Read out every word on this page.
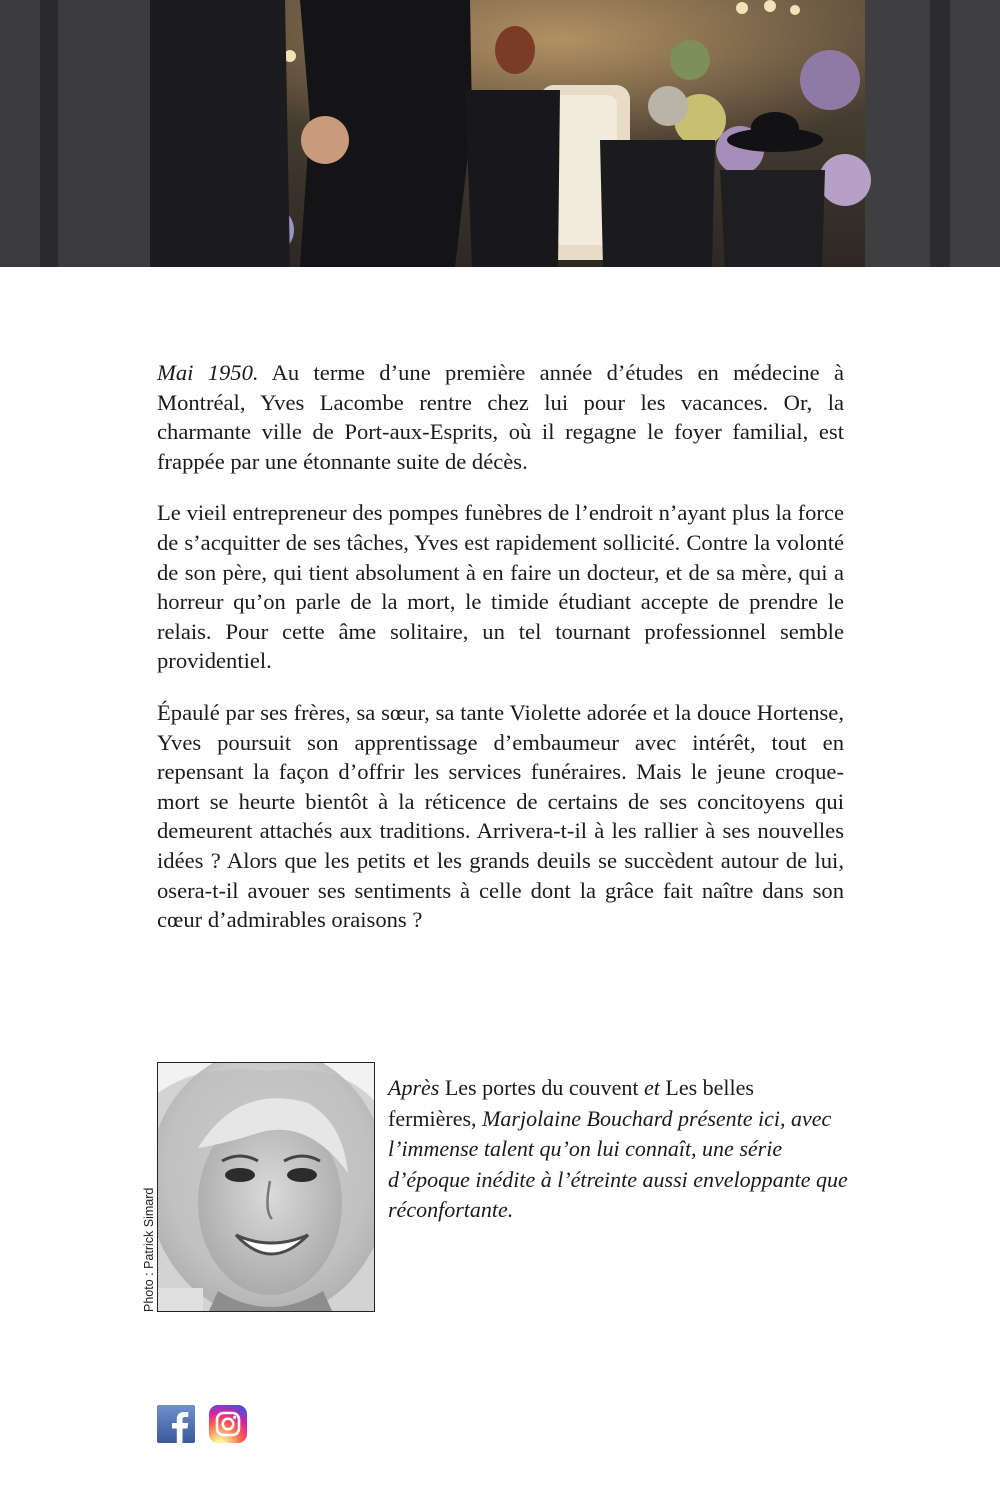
Mai 1950. Au terme d’une première année d’études en médecine à Montréal, Yves Lacombe rentre chez lui pour les vacances. Or, la charmante ville de Port-aux-Esprits, où il regagne le foyer familial, est frappée par une étonnante suite de décès.

Le vieil entrepreneur des pompes funèbres de l’endroit n’ayant plus la force de s’acquitter de ses tâches, Yves est rapidement sollicité. Contre la volonté de son père, qui tient absolument à en faire un docteur, et de sa mère, qui a horreur qu’on parle de la mort, le timide étudiant accepte de prendre le relais. Pour cette âme solitaire, un tel tournant professionnel semble providentiel.

Épaulé par ses frères, sa sœur, sa tante Violette adorée et la douce Hortense, Yves poursuit son apprentissage d’embaumeur avec intérêt, tout en repensant la façon d’offrir les services funéraires. Mais le jeune croque-mort se heurte bientôt à la réticence de certains de ses concitoyens qui demeurent attachés aux traditions. Arrivera-t-il à les rallier à ses nouvelles idées ? Alors que les petits et les grands deuils se succèdent autour de lui, osera-t-il avouer ses sentiments à celle dont la grâce fait naître dans son cœur d’admirables oraisons ?

Photo : Patrick Simard
Après Les portes du couvent et Les belles fermières, Marjolaine Bouchard présente ici, avec l’immense talent qu’on lui connaît, une série d’époque inédite à l’étreinte aussi enveloppante que réconfortante.
